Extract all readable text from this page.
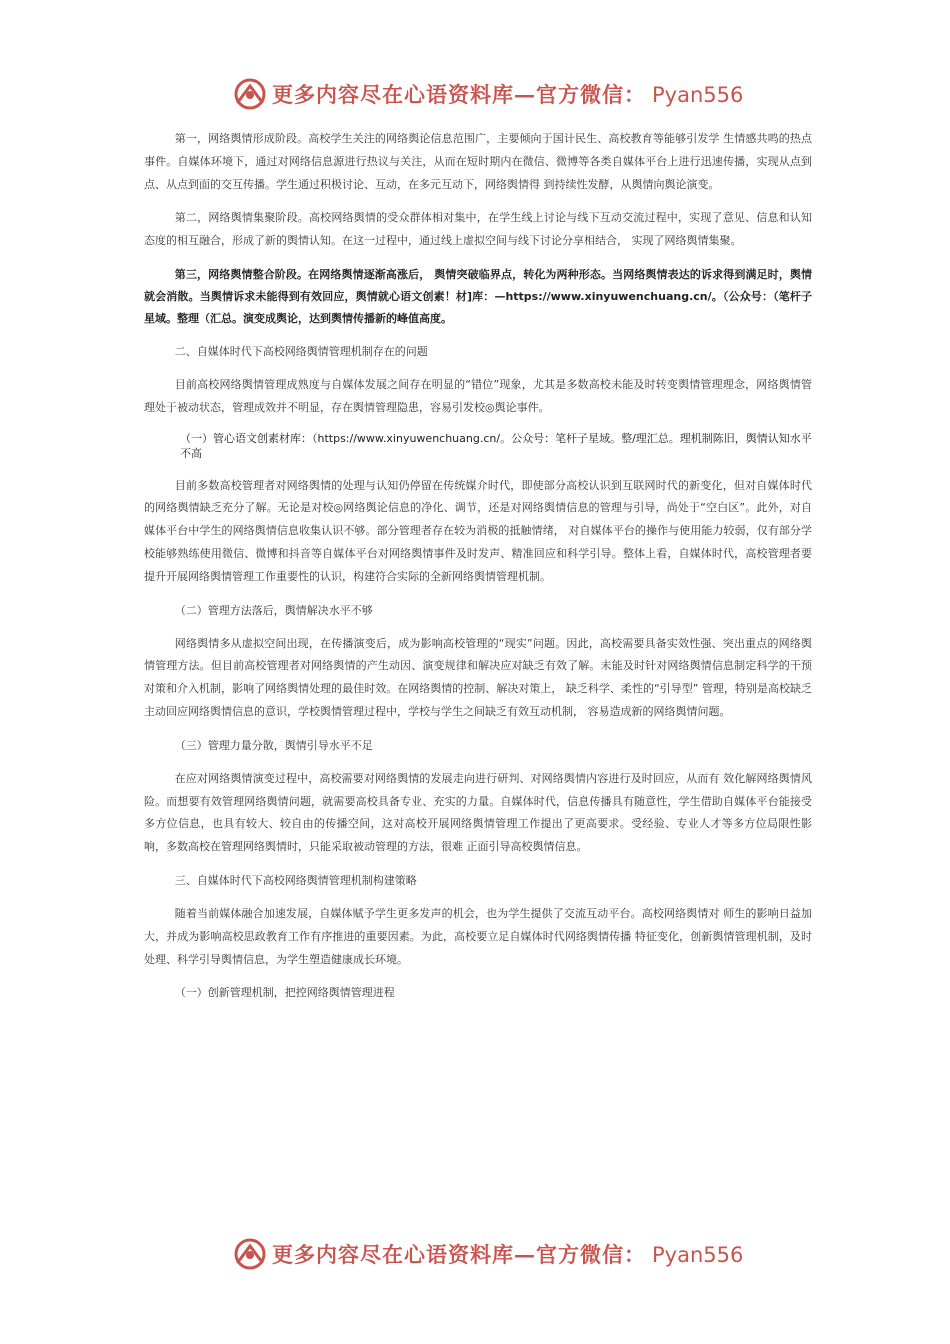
更多内容尽在心语资料库—官方微信： Pyan556

第一，网络舆情形成阶段。高校学生关注的网络舆论信息范围广，主要倾向于国计民生、高校教育等能够引发学 生情感共鸣的热点事件。自媒体环境下，通过对网络信息源进行热议与关注，从而在短时期内在微信、微博等各类自媒体平台上进行迅速传播，实现从点到点、从点到面的交互传播。学生通过积极讨论、互动，在多元互动下，网络舆情得 到持续性发酵，从舆情向舆论演变。

第二，网络舆情集聚阶段。高校网络舆情的受众群体相对集中，在学生线上讨论与线下互动交流过程中，实现了意见、信息和认知态度的相互融合，形成了新的舆情认知。在这一过程中，通过线上虚拟空间与线下讨论分享相结合， 实现了网络舆情集聚。

第三，网络舆情整合阶段。在网络舆情逐渐高涨后， 舆情突破临界点，转化为两种形态。当网络舆情表达的诉求得到满足时，舆情就会消散。当舆情诉求未能得到有效回应，舆情就心语文创素！材]库：—https://www.xinyuwenchuang.cn/。（公众号：（笔杆子星域。整理（汇总。演变成舆论，达到舆情传播新的峰值高度。

二、自媒体时代下高校网络舆情管理机制存在的问题

目前高校网络舆情管理成熟度与自媒体发展之间存在明显的“错位”现象，尤其是多数高校未能及时转变舆情管理理念，网络舆情管理处于被动状态，管理成效并不明显，存在舆情管理隐患，容易引发校◎舆论事件。

（一）管心语文创素材库：（https://www.xinyuwenchuang.cn/。公众号：笔杆子星域。整/理汇总。理机制陈旧，舆情认知水平不高

目前多数高校管理者对网络舆情的处理与认知仍停留在传统媒介时代，即使部分高校认识到互联网时代的新变化，但对自媒体时代的网络舆情缺乏充分了解。无论是对校◎网络舆论信息的净化、调节，还是对网络舆情信息的管理与引导，尚处于“空白区”。此外，对自媒体平台中学生的网络舆情信息收集认识不够。部分管理者存在较为消极的抵触情绪， 对自媒体平台的操作与使用能力较弱，仅有部分学校能够熟练使用微信、微博和抖音等自媒体平台对网络舆情事件及时发声、精准回应和科学引导。整体上看，自媒体时代，高校管理者要提升开展网络舆情管理工作重要性的认识，构建符合实际的全新网络舆情管理机制。

（二）管理方法落后，舆情解决水平不够

网络舆情多从虚拟空间出现，在传播演变后，成为影响高校管理的“现实”问题。因此，高校需要具备实效性强、突出重点的网络舆情管理方法。但目前高校管理者对网络舆情的产生动因、演变规律和解决应对缺乏有效了解。未能及时针对网络舆情信息制定科学的干预对策和介入机制，影响了网络舆情处理的最佳时效。在网络舆情的控制、解决对策上， 缺乏科学、柔性的“引导型” 管理，特别是高校缺乏主动回应网络舆情信息的意识，学校舆情管理过程中，学校与学生之间缺乏有效互动机制， 容易造成新的网络舆情问题。

（三）管理力量分散，舆情引导水平不足

在应对网络舆情演变过程中，高校需要对网络舆情的发展走向进行研判、对网络舆情内容进行及时回应，从而有 效化解网络舆情风险。而想要有效管理网络舆情问题，就需要高校具备专业、充实的力量。自媒体时代，信息传播具有随意性，学生借助自媒体平台能接受多方位信息，也具有较大、较自由的传播空间，这对高校开展网络舆情管理工作提出了更高要求。受经验、专业人才等多方位局限性影响，多数高校在管理网络舆情时，只能采取被动管理的方法，很难 正面引导高校舆情信息。

三、自媒体时代下高校网络舆情管理机制构建策略

随着当前媒体融合加速发展，自媒体赋予学生更多发声的机会，也为学生提供了交流互动平台。高校网络舆情对 师生的影响日益加大，并成为影响高校思政教育工作有序推进的重要因素。为此，高校要立足自媒体时代网络舆情传播 特征变化，创新舆情管理机制，及时处理、科学引导舆情信息，为学生塑造健康成长环境。

（一）创新管理机制，把控网络舆情管理进程

更多内容尽在心语资料库—官方微信： Pyan556
